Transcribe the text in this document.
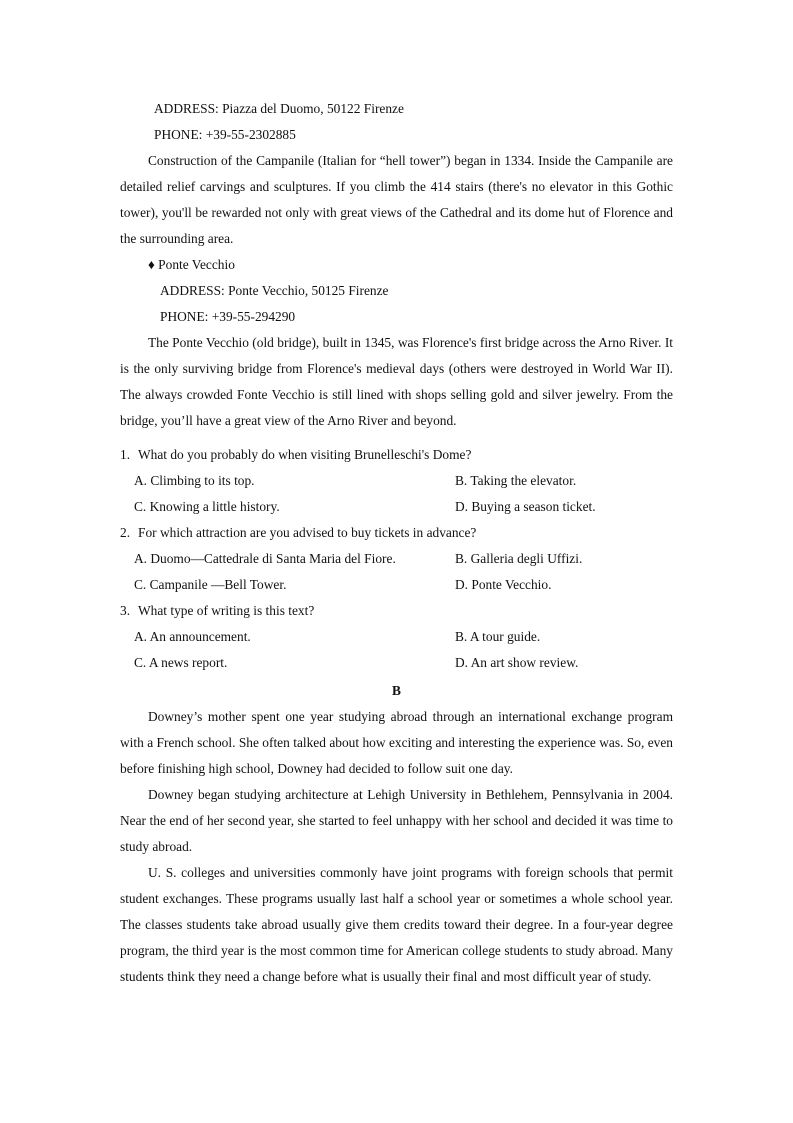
ADDRESS: Piazza del Duomo, 50122 Firenze
PHONE: +39-55-2302885
Construction of the Campanile (Italian for “hell tower”) began in 1334. Inside the Campanile are detailed relief carvings and sculptures. If you climb the 414 stairs (there's no elevator in this Gothic tower), you'll be rewarded not only with great views of the Cathedral and its dome hut of Florence and the surrounding area.
♦ Ponte Vecchio
ADDRESS: Ponte Vecchio, 50125 Firenze
PHONE: +39-55-294290
The Ponte Vecchio (old bridge), built in 1345, was Florence's first bridge across the Arno River. It is the only surviving bridge from Florence's medieval days (others were destroyed in World War II). The always crowded Fonte Vecchio is still lined with shops selling gold and silver jewelry. From the bridge, you’ll have a great view of the Arno River and beyond.
1. What do you probably do when visiting Brunelleschi's Dome?
A. Climbing to its top.	B. Taking the elevator.
C. Knowing a little history.	D. Buying a season ticket.
2. For which attraction are you advised to buy tickets in advance?
A. Duomo—Cattedrale di Santa Maria del Fiore.	B. Galleria degli Uffizi.
C. Campanile —Bell Tower.	D. Ponte Vecchio.
3. What type of writing is this text?
A. An announcement.	B. A tour guide.
C. A news report.	D. An art show review.
B
Downey’s mother spent one year studying abroad through an international exchange program with a French school. She often talked about how exciting and interesting the experience was. So, even before finishing high school, Downey had decided to follow suit one day.
Downey began studying architecture at Lehigh University in Bethlehem, Pennsylvania in 2004. Near the end of her second year, she started to feel unhappy with her school and decided it was time to study abroad.
U. S. colleges and universities commonly have joint programs with foreign schools that permit student exchanges. These programs usually last half a school year or sometimes a whole school year. The classes students take abroad usually give them credits toward their degree. In a four-year degree program, the third year is the most common time for American college students to study abroad. Many students think they need a change before what is usually their final and most difficult year of study.
